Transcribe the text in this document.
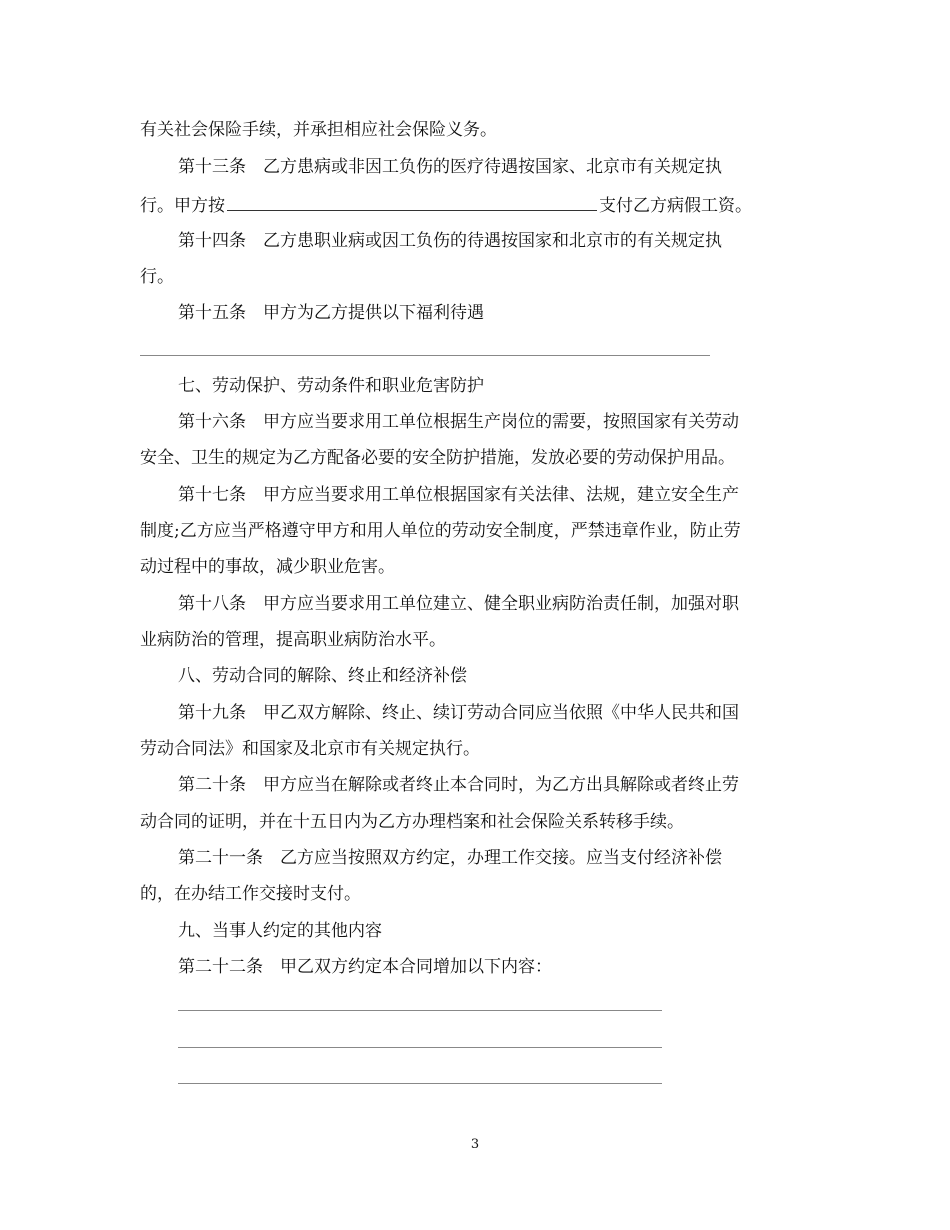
有关社会保险手续，并承担相应社会保险义务。
第十三条　乙方患病或非因工负伤的医疗待遇按国家、北京市有关规定执
行。甲方按	支付乙方病假工资。
第十四条　乙方患职业病或因工负伤的待遇按国家和北京市的有关规定执
行。
第十五条　甲方为乙方提供以下福利待遇
七、劳动保护、劳动条件和职业危害防护
第十六条　甲方应当要求用工单位根据生产岗位的需要，按照国家有关劳动
安全、卫生的规定为乙方配备必要的安全防护措施，发放必要的劳动保护用品。
第十七条　甲方应当要求用工单位根据国家有关法律、法规，建立安全生产
制度;乙方应当严格遵守甲方和用人单位的劳动安全制度，严禁违章作业，防止劳
动过程中的事故，减少职业危害。
第十八条　甲方应当要求用工单位建立、健全职业病防治责任制，加强对职
业病防治的管理，提高职业病防治水平。
八、劳动合同的解除、终止和经济补偿
第十九条　甲乙双方解除、终止、续订劳动合同应当依照《中华人民共和国
劳动合同法》和国家及北京市有关规定执行。
第二十条　甲方应当在解除或者终止本合同时，为乙方出具解除或者终止劳
动合同的证明，并在十五日内为乙方办理档案和社会保险关系转移手续。
第二十一条　乙方应当按照双方约定，办理工作交接。应当支付经济补偿
的，在办结工作交接时支付。
九、当事人约定的其他内容
第二十二条　甲乙双方约定本合同增加以下内容：
3
